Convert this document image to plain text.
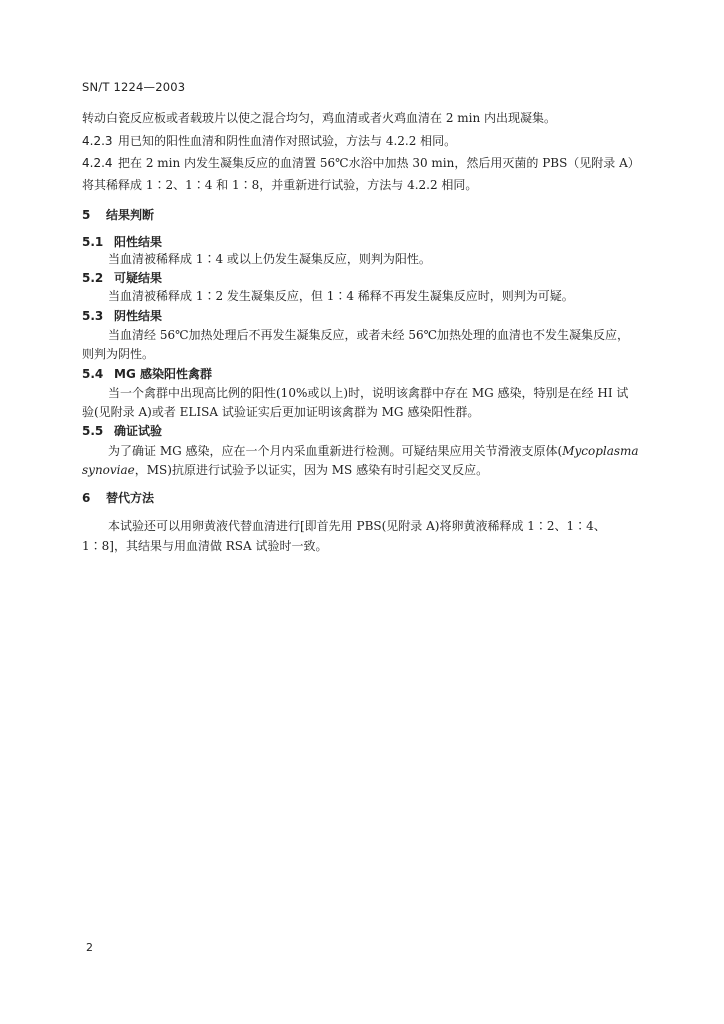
SN/T 1224—2003
转动白瓷反应板或者载玻片以使之混合均匀，鸡血清或者火鸡血清在 2 min 内出现凝集。
4.2.3 用已知的阳性血清和阴性血清作对照试验，方法与 4.2.2 相同。
4.2.4 把在 2 min 内发生凝集反应的血清置 56℃水浴中加热 30 min，然后用灭菌的 PBS（见附录 A）
将其稀释成 1∶2、1∶4 和 1∶8，并重新进行试验，方法与 4.2.2 相同。
5 结果判断
5.1 阳性结果
当血清被稀释成 1∶4 或以上仍发生凝集反应，则判为阳性。
5.2 可疑结果
当血清被稀释成 1∶2 发生凝集反应，但 1∶4 稀释不再发生凝集反应时，则判为可疑。
5.3 阴性结果
当血清经 56℃加热处理后不再发生凝集反应，或者未经 56℃加热处理的血清也不发生凝集反应，
则判为阴性。
5.4 MG 感染阳性禽群
当一个禽群中出现高比例的阳性(10%或以上)时，说明该禽群中存在 MG 感染，特别是在经 HI 试
验(见附录 A)或者 ELISA 试验证实后更加证明该禽群为 MG 感染阳性群。
5.5 确证试验
为了确证 MG 感染，应在一个月内采血重新进行检测。可疑结果应用关节滑液支原体(Mycoplasma
synoviae，MS)抗原进行试验予以证实，因为 MS 感染有时引起交叉反应。
6 替代方法
本试验还可以用卵黄液代替血清进行[即首先用 PBS(见附录 A)将卵黄液稀释成 1∶2、1∶4、
1∶8]，其结果与用血清做 RSA 试验时一致。
2
